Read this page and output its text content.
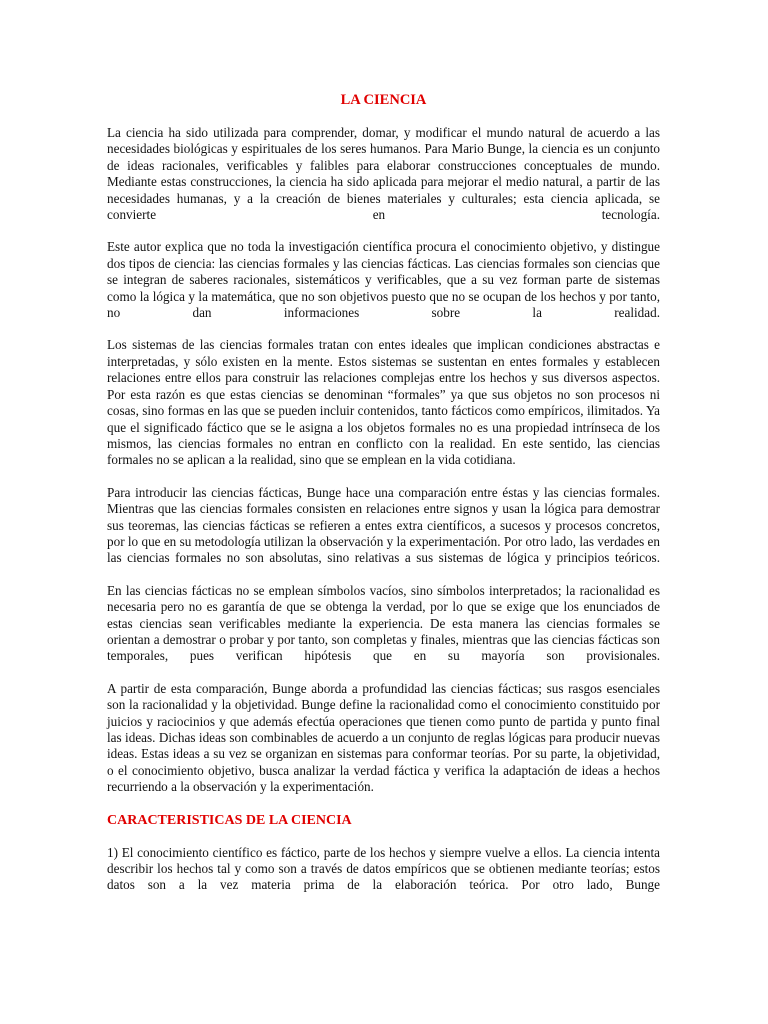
LA CIENCIA

La ciencia ha sido utilizada para comprender, domar, y modificar el mundo natural de acuerdo a las necesidades biológicas y espirituales de los seres humanos. Para Mario Bunge, la ciencia es un conjunto de ideas racionales, verificables y falibles para elaborar construcciones conceptuales de mundo. Mediante estas construcciones, la ciencia ha sido aplicada para mejorar el medio natural, a partir de las necesidades humanas, y a la creación de bienes materiales y culturales; esta ciencia aplicada, se convierte en tecnología.

Este autor explica que no toda la investigación científica procura el conocimiento objetivo, y distingue dos tipos de ciencia: las ciencias formales y las ciencias fácticas. Las ciencias formales son ciencias que se integran de saberes racionales, sistemáticos y verificables, que a su vez forman parte de sistemas como la lógica y la matemática, que no son objetivos puesto que no se ocupan de los hechos y por tanto, no dan informaciones sobre la realidad.

Los sistemas de las ciencias formales tratan con entes ideales que implican condiciones abstractas e interpretadas, y sólo existen en la mente. Estos sistemas se sustentan en entes formales y establecen relaciones entre ellos para construir las relaciones complejas entre los hechos y sus diversos aspectos. Por esta razón es que estas ciencias se denominan “formales” ya que sus objetos no son procesos ni cosas, sino formas en las que se pueden incluir contenidos, tanto fácticos como empíricos, ilimitados. Ya que el significado fáctico que se le asigna a los objetos formales no es una propiedad intrínseca de los mismos, las ciencias formales no entran en conflicto con la realidad. En este sentido, las ciencias formales no se aplican a la realidad, sino que se emplean en la vida cotidiana.

Para introducir las ciencias fácticas, Bunge hace una comparación entre éstas y las ciencias formales. Mientras que las ciencias formales consisten en relaciones entre signos y usan la lógica para demostrar sus teoremas, las ciencias fácticas se refieren a entes extra científicos, a sucesos y procesos concretos, por lo que en su metodología utilizan la observación y la experimentación. Por otro lado, las verdades en las ciencias formales no son absolutas, sino relativas a sus sistemas de lógica y principios teóricos.

En las ciencias fácticas no se emplean símbolos vacíos, sino símbolos interpretados; la racionalidad es necesaria pero no es garantía de que se obtenga la verdad, por lo que se exige que los enunciados de estas ciencias sean verificables mediante la experiencia. De esta manera las ciencias formales se orientan a demostrar o probar y por tanto, son completas y finales, mientras que las ciencias fácticas son temporales, pues verifican hipótesis que en su mayoría son provisionales.

A partir de esta comparación, Bunge aborda a profundidad las ciencias fácticas; sus rasgos esenciales son la racionalidad y la objetividad. Bunge define la racionalidad como el conocimiento constituido por juicios y raciocinios y que además efectúa operaciones que tienen como punto de partida y punto final las ideas. Dichas ideas son combinables de acuerdo a un conjunto de reglas lógicas para producir nuevas ideas. Estas ideas a su vez se organizan en sistemas para conformar teorías. Por su parte, la objetividad, o el conocimiento objetivo, busca analizar la verdad fáctica y verifica la adaptación de ideas a hechos recurriendo a la observación y la experimentación.

CARACTERISTICAS DE LA CIENCIA

1) El conocimiento científico es fáctico, parte de los hechos y siempre vuelve a ellos. La ciencia intenta describir los hechos tal y como son a través de datos empíricos que se obtienen mediante teorías; estos datos son a la vez materia prima de la elaboración teórica. Por otro lado, Bunge
